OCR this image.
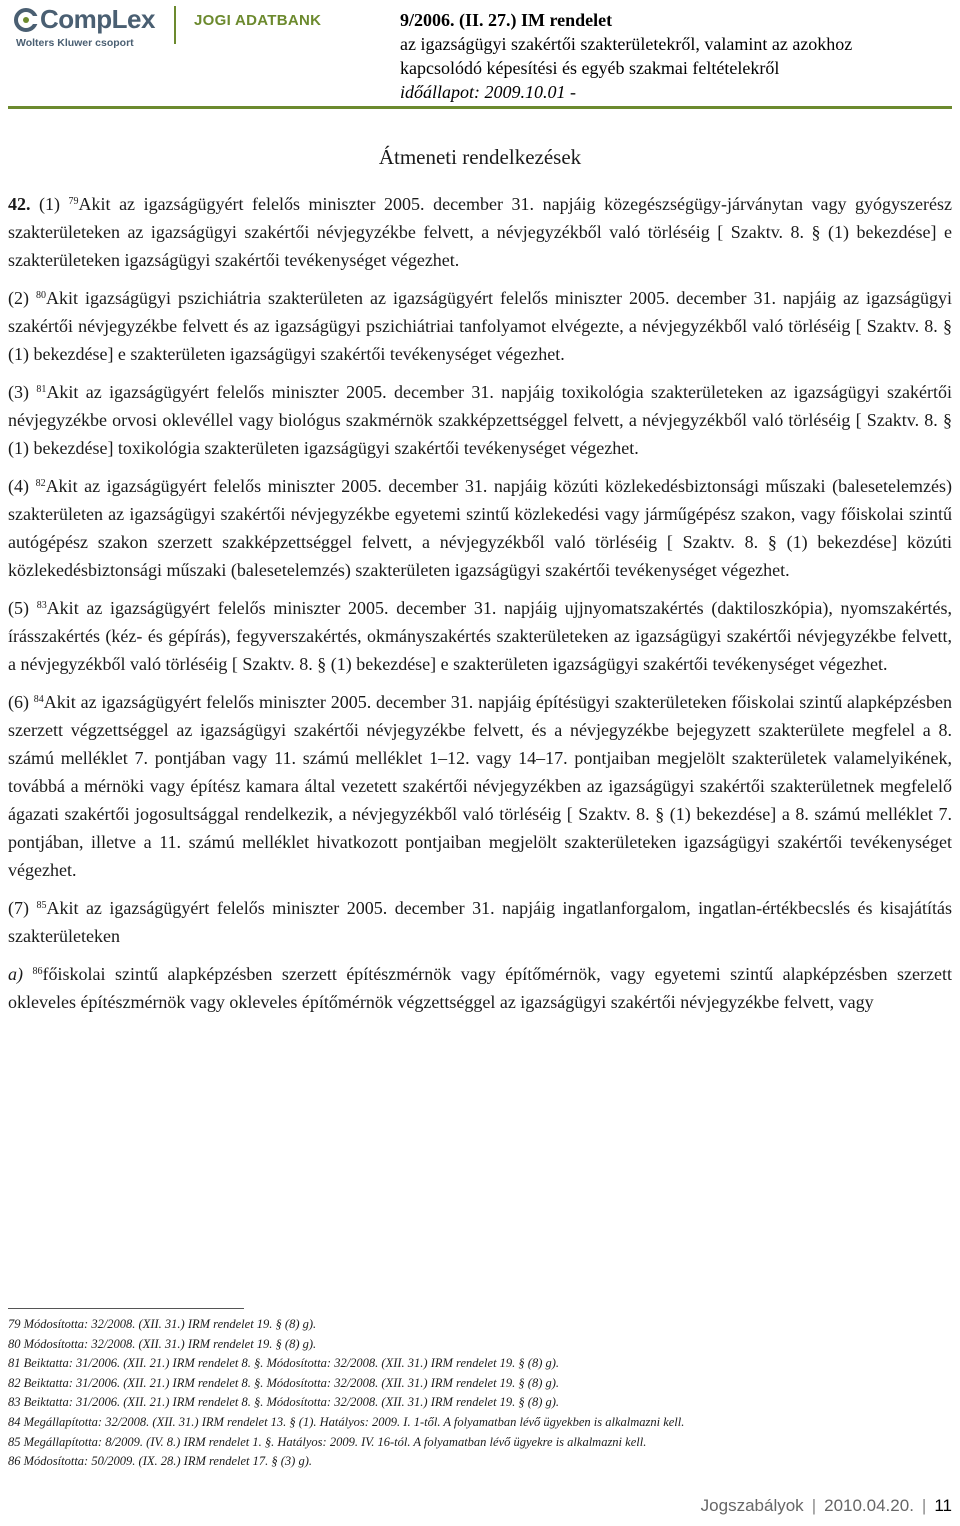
CompLex
Wolters Kluwer csoport
JOGI ADATBANK	9/2006. (II. 27.) IM rendelet
az igazságügyi szakértői szakterületekről, valamint az azokhoz
kapcsolódó képesítési és egyéb szakmai feltételekről
időállapot: 2009.10.01 -
Átmeneti rendelkezések

42. (1) $^{79}$Akit az igazságügyért felelős miniszter 2005. december 31. napjáig közegészségügy-járványtan vagy gyógyszerész szakterületeken az igazságügyi szakértői névjegyzékbe felvett, a névjegyzékből való törléséig [ Szaktv. 8. § (1) bekezdése] e szakterületeken igazságügyi szakértői tevékenységet végezhet.

(2) $^{80}$Akit igazságügyi pszichiátria szakterületen az igazságügyért felelős miniszter 2005. december 31. napjáig az igazságügyi szakértői névjegyzékbe felvett és az igazságügyi pszichiátriai tanfolyamot elvégezte, a névjegyzékből való törléséig [ Szaktv. 8. § (1) bekezdése] e szakterületen igazságügyi szakértői tevékenységet végezhet.

(3) $^{81}$Akit az igazságügyért felelős miniszter 2005. december 31. napjáig toxikológia szakterületeken az igazságügyi szakértői névjegyzékbe orvosi oklevéllel vagy biológus szakmérnök szakképzettséggel felvett, a névjegyzékből való törléséig [ Szaktv. 8. § (1) bekezdése] toxikológia szakterületen igazságügyi szakértői tevékenységet végezhet.

(4) $^{82}$Akit az igazságügyért felelős miniszter 2005. december 31. napjáig közúti közlekedésbiztonsági műszaki (balesetelemzés) szakterületen az igazságügyi szakértői névjegyzékbe egyetemi szintű közlekedési vagy járműgépész szakon, vagy főiskolai szintű autógépész szakon szerzett szakképzettséggel felvett, a névjegyzékből való törléséig [ Szaktv. 8. § (1) bekezdése] közúti közlekedésbiztonsági műszaki (balesetelemzés) szakterületen igazságügyi szakértői tevékenységet végezhet.

(5) $^{83}$Akit az igazságügyért felelős miniszter 2005. december 31. napjáig ujjnyomatszakértés (daktiloszkópia), nyomszakértés, írásszakértés (kéz- és gépírás), fegyverszakértés, okmányszakértés szakterületeken az igazságügyi szakértői névjegyzékbe felvett, a névjegyzékből való törléséig [ Szaktv. 8. § (1) bekezdése] e szakterületen igazságügyi szakértői tevékenységet végezhet.

(6) $^{84}$Akit az igazságügyért felelős miniszter 2005. december 31. napjáig építésügyi szakterületeken főiskolai szintű alapképzésben szerzett végzettséggel az igazságügyi szakértői névjegyzékbe felvett, és a névjegyzékbe bejegyzett szakterülete megfelel a 8. számú melléklet 7. pontjában vagy 11. számú melléklet 1–12. vagy 14–17. pontjaiban megjelölt szakterületek valamelyikének, továbbá a mérnöki vagy építész kamara által vezetett szakértői névjegyzékben az igazságügyi szakértői szakterületnek megfelelő ágazati szakértői jogosultsággal rendelkezik, a névjegyzékből való törléséig [ Szaktv. 8. § (1) bekezdése] a 8. számú melléklet 7. pontjában, illetve a 11. számú melléklet hivatkozott pontjaiban megjelölt szakterületeken igazságügyi szakértői tevékenységet végezhet.

(7) $^{85}$Akit az igazságügyért felelős miniszter 2005. december 31. napjáig ingatlanforgalom, ingatlan-értékbecslés és kisajátítás szakterületeken

a) $^{86}$főiskolai szintű alapképzésben szerzett építészmérnök vagy építőmérnök, vagy egyetemi szintű alapképzésben szerzett okleveles építészmérnök vagy okleveles építőmérnök végzettséggel az igazságügyi szakértői névjegyzékbe felvett, vagy

79 Módosította: 32/2008. (XII. 31.) IRM rendelet 19. § (8) g).
80 Módosította: 32/2008. (XII. 31.) IRM rendelet 19. § (8) g).
81 Beiktatta: 31/2006. (XII. 21.) IRM rendelet 8. §. Módosította: 32/2008. (XII. 31.) IRM rendelet 19. § (8) g).
82 Beiktatta: 31/2006. (XII. 21.) IRM rendelet 8. §. Módosította: 32/2008. (XII. 31.) IRM rendelet 19. § (8) g).
83 Beiktatta: 31/2006. (XII. 21.) IRM rendelet 8. §. Módosította: 32/2008. (XII. 31.) IRM rendelet 19. § (8) g).
84 Megállapította: 32/2008. (XII. 31.) IRM rendelet 13. § (1). Hatályos: 2009. I. 1-től. A folyamatban lévő ügyekben is alkalmazni kell.
85 Megállapította: 8/2009. (IV. 8.) IRM rendelet 1. §. Hatályos: 2009. IV. 16-tól. A folyamatban lévő ügyekre is alkalmazni kell.
86 Módosította: 50/2009. (IX. 28.) IRM rendelet 17. § (3) g).
Jogszabályok | 2010.04.20. | 11
